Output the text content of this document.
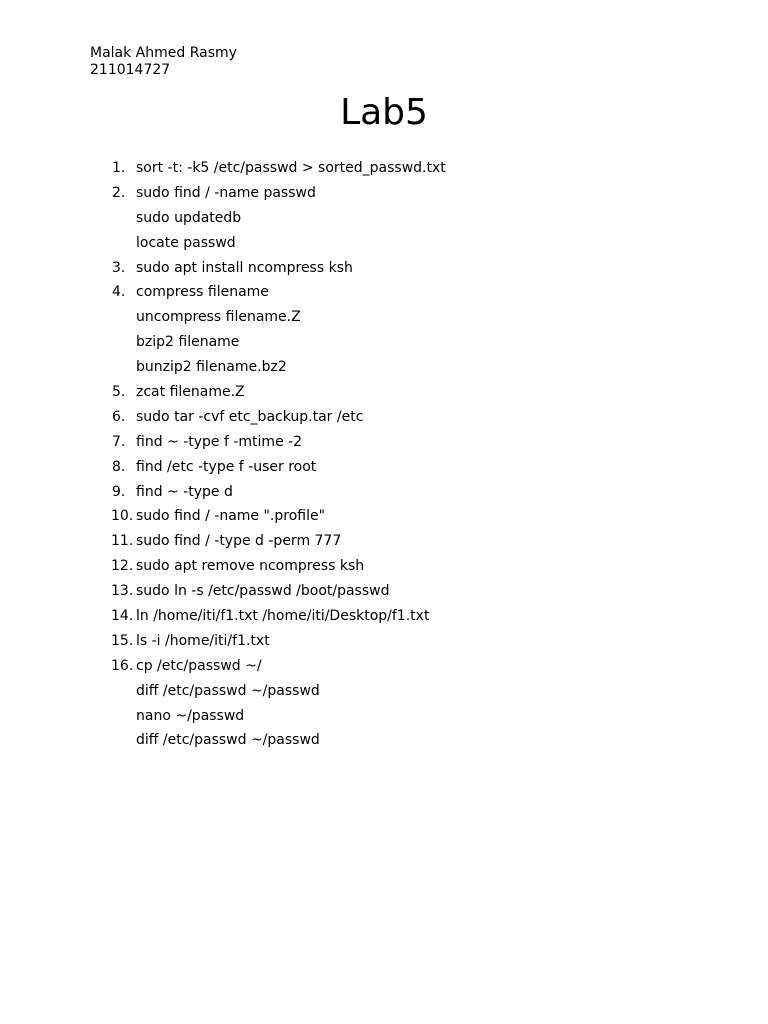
Malak Ahmed Rasmy
211014727
Lab5
1. sort -t: -k5 /etc/passwd > sorted_passwd.txt
2. sudo find / -name passwd
sudo updatedb
locate passwd
3. sudo apt install ncompress ksh
4. compress filename
uncompress filename.Z
bzip2 filename
bunzip2 filename.bz2
5. zcat filename.Z
6. sudo tar -cvf etc_backup.tar /etc
7. find ~ -type f -mtime -2
8. find /etc -type f -user root
9. find ~ -type d
10. sudo find / -name ".profile"
11. sudo find / -type d -perm 777
12. sudo apt remove ncompress ksh
13. sudo ln -s /etc/passwd /boot/passwd
14. ln /home/iti/f1.txt /home/iti/Desktop/f1.txt
15. ls -i /home/iti/f1.txt
16. cp /etc/passwd ~/
diff /etc/passwd ~/passwd
nano ~/passwd
diff /etc/passwd ~/passwd
